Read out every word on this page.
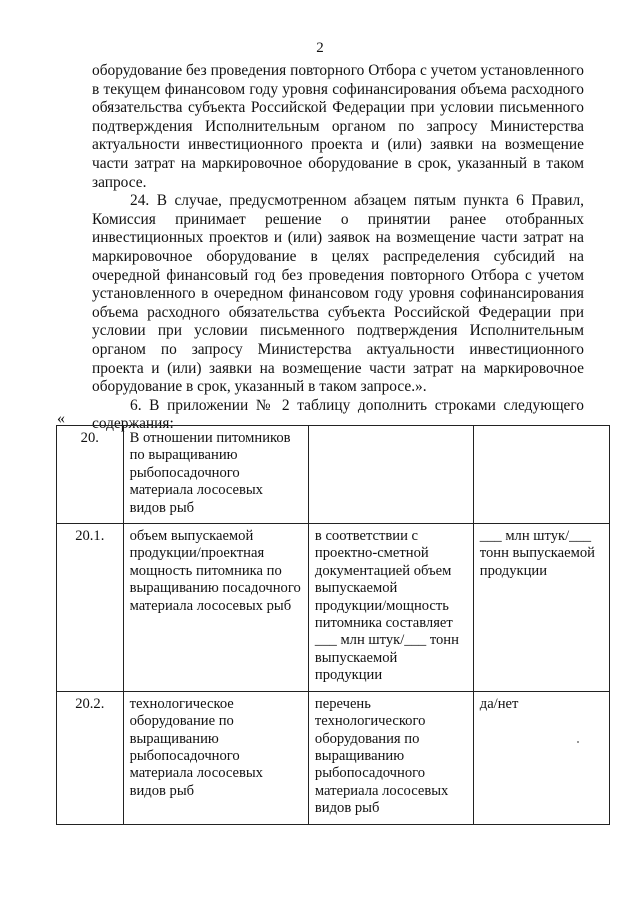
2

оборудование без проведения повторного Отбора с учетом установленного в текущем финансовом году уровня софинансирования объема расходного обязательства субъекта Российской Федерации при условии письменного подтверждения Исполнительным органом по запросу Министерства актуальности инвестиционного проекта и (или) заявки на возмещение части затрат на маркировочное оборудование в срок, указанный в таком запросе.

24. В случае, предусмотренном абзацем пятым пункта 6 Правил, Комиссия принимает решение о принятии ранее отобранных инвестиционных проектов и (или) заявок на возмещение части затрат на маркировочное оборудование в целях распределения субсидий на очередной финансовый год без проведения повторного Отбора с учетом установленного в очередном финансовом году уровня софинансирования объема расходного обязательства субъекта Российской Федерации при условии при условии письменного подтверждения Исполнительным органом по запросу Министерства актуальности инвестиционного проекта и (или) заявки на возмещение части затрат на маркировочное оборудование в срок, указанный в таком запросе.».

6. В приложении № 2 таблицу дополнить строками следующего содержания:

«
20.	В отношении питомников по выращиванию рыбопосадочного материала лососевых видов рыб		
20.1.	объем выпускаемой продукции/проектная мощность питомника по выращиванию посадочного материала лососевых рыб	в соответствии с проектно-сметной документацией объем выпускаемой продукции/мощность питомника составляет ___ млн штук/___ тонн выпускаемой продукции	___ млн штук/___ тонн выпускаемой продукции
20.2.	технологическое оборудование по выращиванию рыбопосадочного материала лососевых видов рыб	перечень технологического оборудования по выращиванию рыбопосадочного материала лососевых видов рыб	да/нет
